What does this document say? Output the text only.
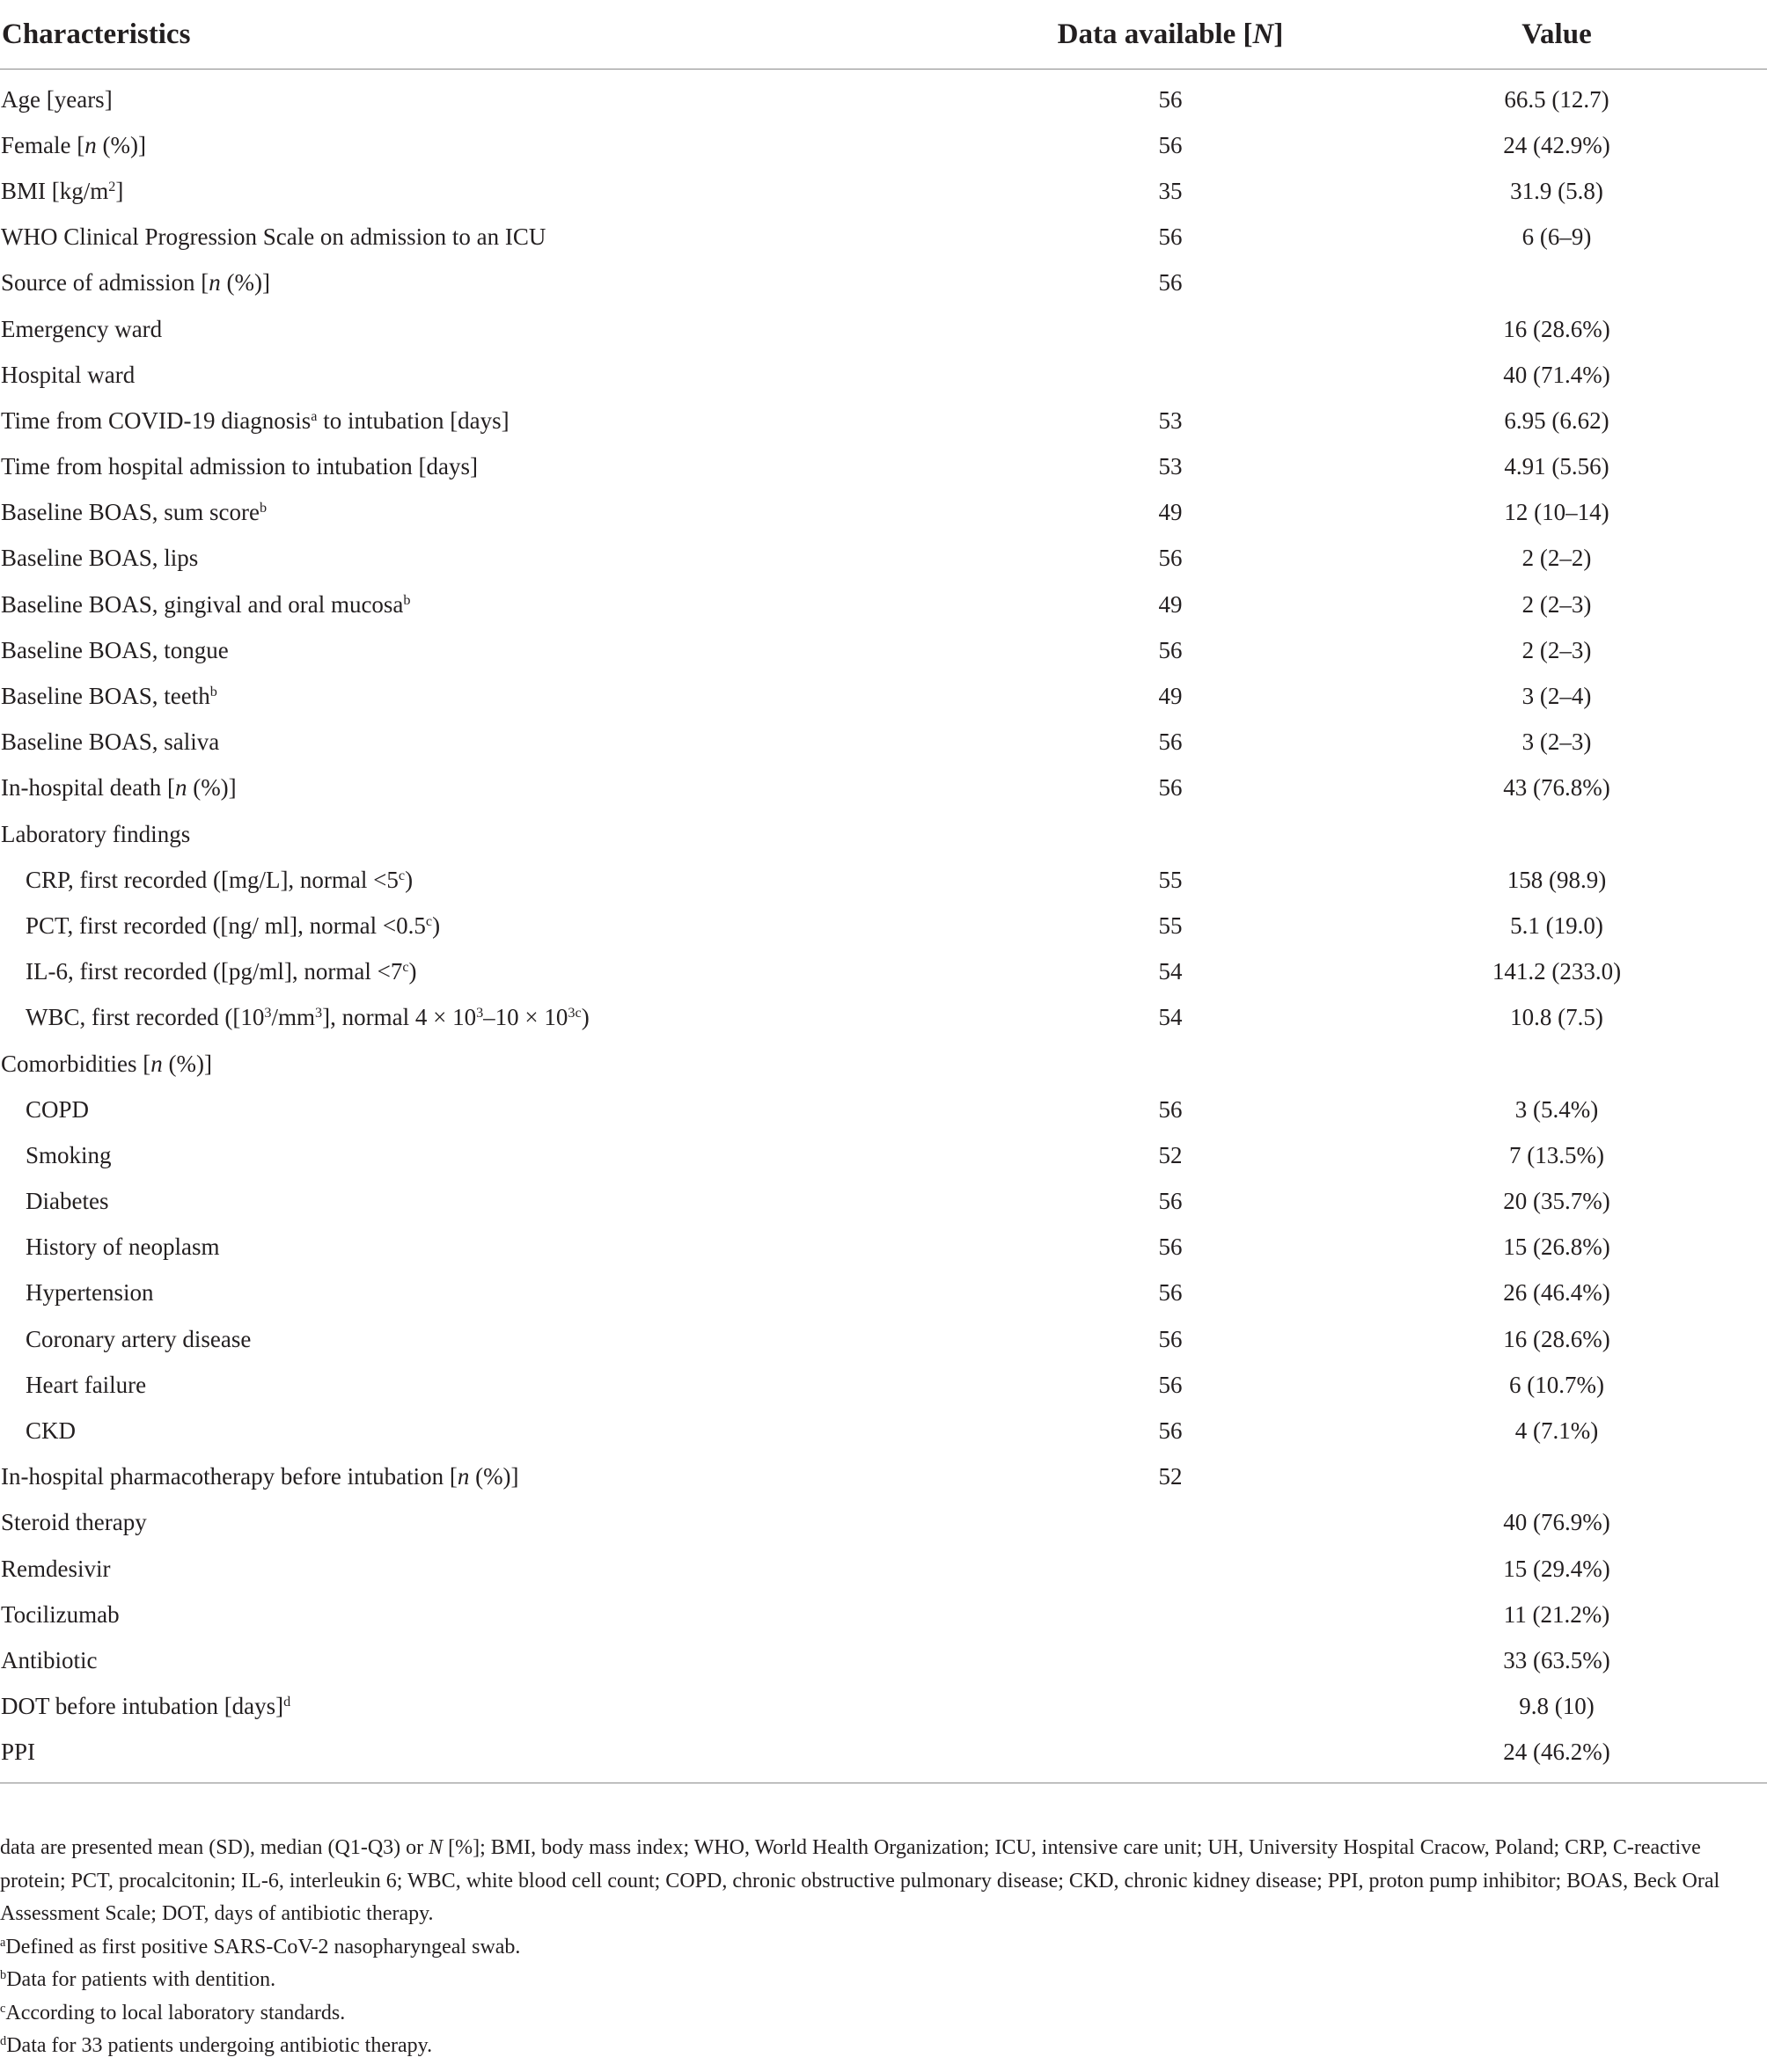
Characteristics	Data available [N]	Value
Age [years]	56	66.5 (12.7)
Female [n (%)]	56	24 (42.9%)
BMI $[kg/m^2]$	35	31.9 (5.8)
WHO Clinical Progression Scale on admission to an ICU	56	6 (6–9)
Source of admission [n (%)]	56	
Emergency ward		16 (28.6%)
Hospital ward		40 (71.4%)
Time from COVID-19 diagnosis$^a$ to intubation [days]	53	6.95 (6.62)
Time from hospital admission to intubation [days]	53	4.91 (5.56)
Baseline BOAS, sum score$^b$	49	12 (10–14)
Baseline BOAS, lips	56	2 (2–2)
Baseline BOAS, gingival and oral mucosa$^b$	49	2 (2–3)
Baseline BOAS, tongue	56	2 (2–3)
Baseline BOAS, teeth$^b$	49	3 (2–4)
Baseline BOAS, saliva	56	3 (2–3)
In-hospital death [n (%)]	56	43 (76.8%)
Laboratory findings		
CRP, first recorded ([mg/L], normal $<5^c$)	55	158 (98.9)
PCT, first recorded ([ng/ ml], normal <0.5$^c$)	55	5.1 (19.0)
IL-6, first recorded ([pg/ml], normal $<7^c$)	54	141.2 (233.0)
WBC, first recorded ($[10^3/mm^3]$, normal $4 \times 10^3-10 \times 10^{3c}$)	54	10.8 (7.5)
Comorbidities [n (%)]		
COPD	56	3 (5.4%)
Smoking	52	7 (13.5%)
Diabetes	56	20 (35.7%)
History of neoplasm	56	15 (26.8%)
Hypertension	56	26 (46.4%)
Coronary artery disease	56	16 (28.6%)
Heart failure	56	6 (10.7%)
CKD	56	4 (7.1%)
In-hospital pharmacotherapy before intubation [n (%)]	52	
Steroid therapy		40 (76.9%)
Remdesivir		15 (29.4%)
Tocilizumab		11 (21.2%)
Antibiotic		33 (63.5%)
DOT before intubation [days]$^d$		9.8 (10)
PPI		24 (46.2%)

data are presented mean (SD), median (Q1-Q3) or N [%]; BMI, body mass index; WHO, World Health Organization; ICU, intensive care unit; UH, University Hospital Cracow, Poland; CRP, C-reactive protein; PCT, procalcitonin; IL-6, interleukin 6; WBC, white blood cell count; COPD, chronic obstructive pulmonary disease; CKD, chronic kidney disease; PPI, proton pump inhibitor; BOAS, Beck Oral Assessment Scale; DOT, days of antibiotic therapy.

$^a$Defined as first positive SARS-CoV-2 nasopharyngeal swab.

$^b$Data for patients with dentition.

$^c$According to local laboratory standards.

$^d$Data for 33 patients undergoing antibiotic therapy.
